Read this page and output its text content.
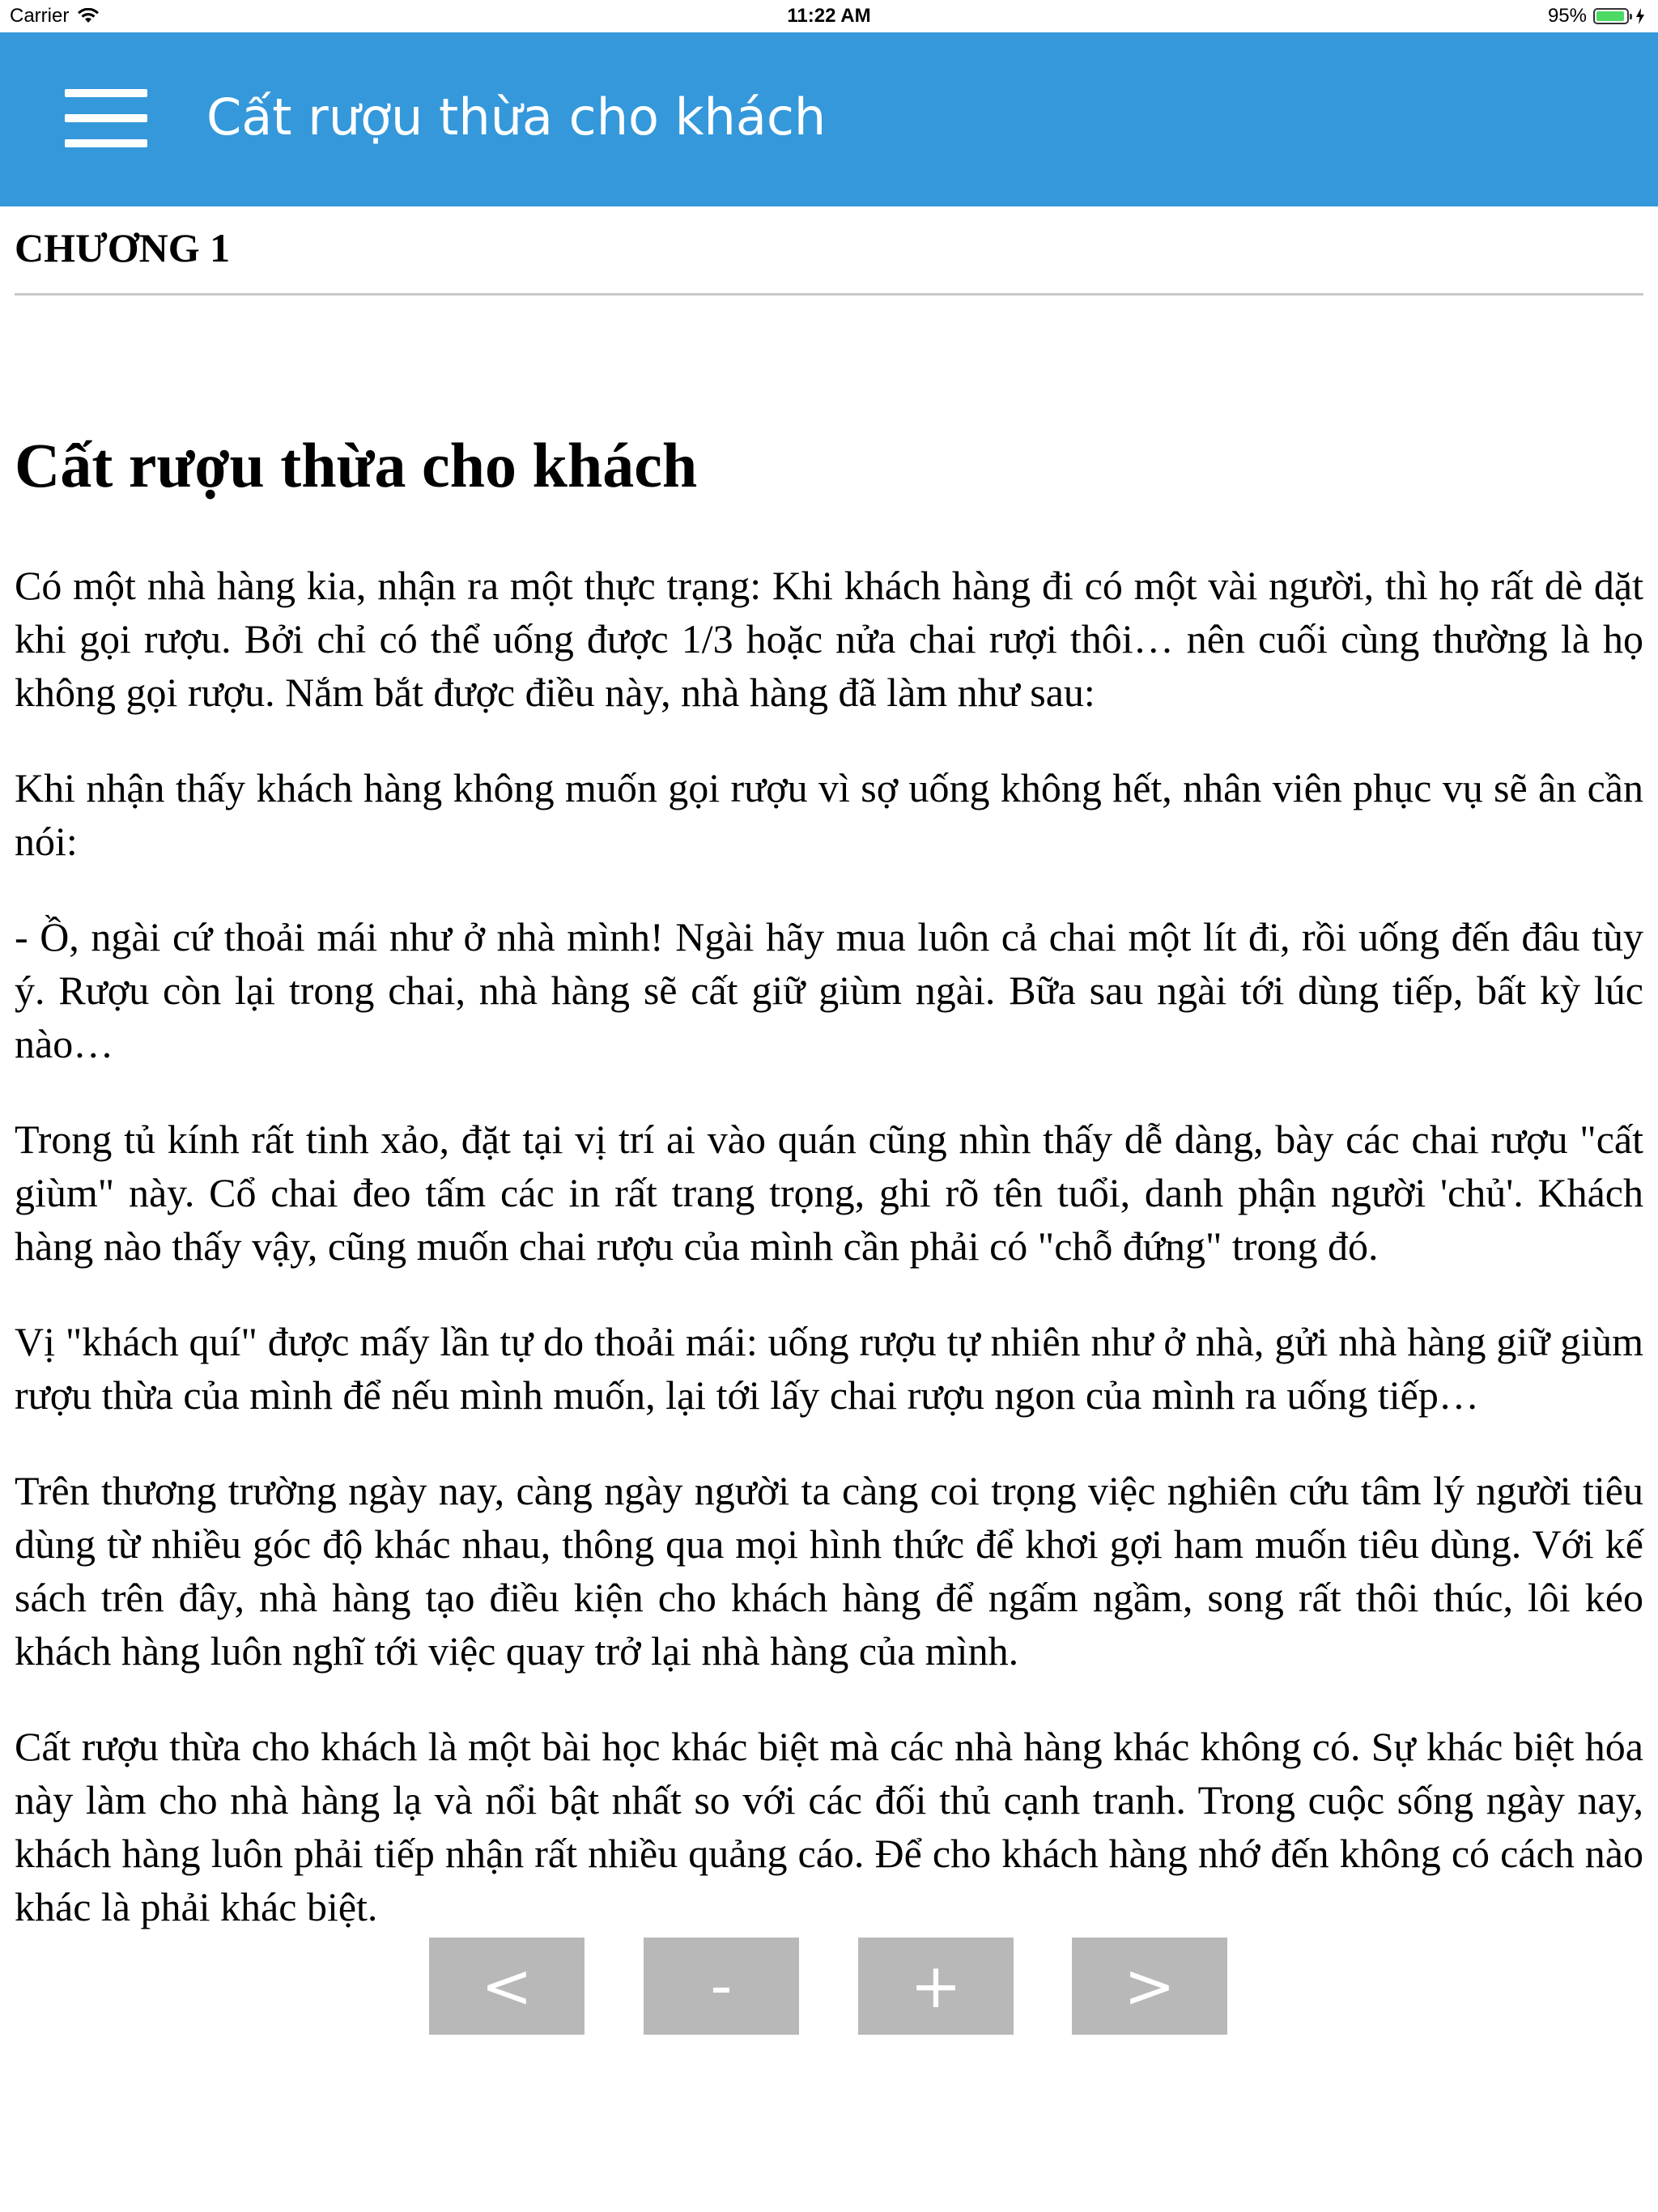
Carrier	11:22 AM	95%
Cất rượu thừa cho khách
CHƯƠNG 1
Cất rượu thừa cho khách

Có một nhà hàng kia, nhận ra một thực trạng: Khi khách hàng đi có một vài người, thì họ rất dè dặt khi gọi rượu. Bởi chỉ có thể uống được 1/3 hoặc nửa chai rượi thôi… nên cuối cùng thường là họ không gọi rượu. Nắm bắt được điều này, nhà hàng đã làm như sau:

Khi nhận thấy khách hàng không muốn gọi rượu vì sợ uống không hết, nhân viên phục vụ sẽ ân cần nói:

- Ồ, ngài cứ thoải mái như ở nhà mình! Ngài hãy mua luôn cả chai một lít đi, rồi uống đến đâu tùy ý. Rượu còn lại trong chai, nhà hàng sẽ cất giữ giùm ngài. Bữa sau ngài tới dùng tiếp, bất kỳ lúc nào…

Trong tủ kính rất tinh xảo, đặt tại vị trí ai vào quán cũng nhìn thấy dễ dàng, bày các chai rượu "cất giùm" này. Cổ chai đeo tấm các in rất trang trọng, ghi rõ tên tuổi, danh phận người 'chủ'. Khách hàng nào thấy vậy, cũng muốn chai rượu của mình cần phải có "chỗ đứng" trong đó.

Vị "khách quí" được mấy lần tự do thoải mái: uống rượu tự nhiên như ở nhà, gửi nhà hàng giữ giùm rượu thừa của mình để nếu mình muốn, lại tới lấy chai rượu ngon của mình ra uống tiếp…

Trên thương trường ngày nay, càng ngày người ta càng coi trọng việc nghiên cứu tâm lý người tiêu dùng từ nhiều góc độ khác nhau, thông qua mọi hình thức để khơi gợi ham muốn tiêu dùng. Với kế sách trên đây, nhà hàng tạo điều kiện cho khách hàng để ngấm ngầm, song rất thôi thúc, lôi kéo khách hàng luôn nghĩ tới việc quay trở lại nhà hàng của mình.

Cất rượu thừa cho khách là một bài học khác biệt mà các nhà hàng khác không có. Sự khác biệt hóa này làm cho nhà hàng lạ và nổi bật nhất so với các đối thủ cạnh tranh. Trong cuộc sống ngày nay, khách hàng luôn phải tiếp nhận rất nhiều quảng cáo. Để cho khách hàng nhớ đến không có cách nào khác là phải khác biệt.

<	-	+	>
